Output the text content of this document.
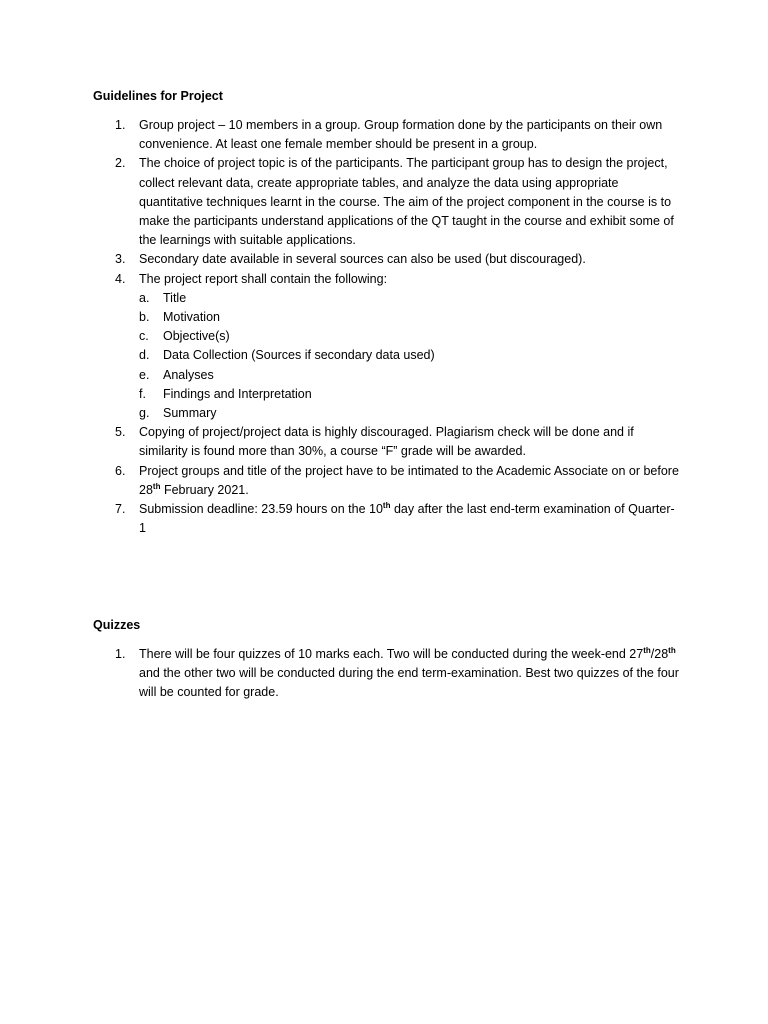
Guidelines for Project

1.	Group project – 10 members in a group. Group formation done by the participants on their own convenience. At least one female member should be present in a group.
2.	The choice of project topic is of the participants. The participant group has to design the project, collect relevant data, create appropriate tables, and analyze the data using appropriate quantitative techniques learnt in the course. The aim of the project component in the course is to make the participants understand applications of the QT taught in the course and exhibit some of the learnings with suitable applications.
3.	Secondary date available in several sources can also be used (but discouraged).
4.	The project report shall contain the following:
a. Title
b. Motivation
c. Objective(s)
d. Data Collection (Sources if secondary data used)
e. Analyses
f. Findings and Interpretation
g. Summary
5.	Copying of project/project data is highly discouraged. Plagiarism check will be done and if similarity is found more than 30%, a course “F” grade will be awarded.
6.	Project groups and title of the project have to be intimated to the Academic Associate on or before 28th February 2021.
7.	Submission deadline: 23.59 hours on the 10th day after the last end-term examination of Quarter-1

Quizzes

1.	There will be four quizzes of 10 marks each. Two will be conducted during the week-end 27th/28th and the other two will be conducted during the end term-examination. Best two quizzes of the four will be counted for grade.
